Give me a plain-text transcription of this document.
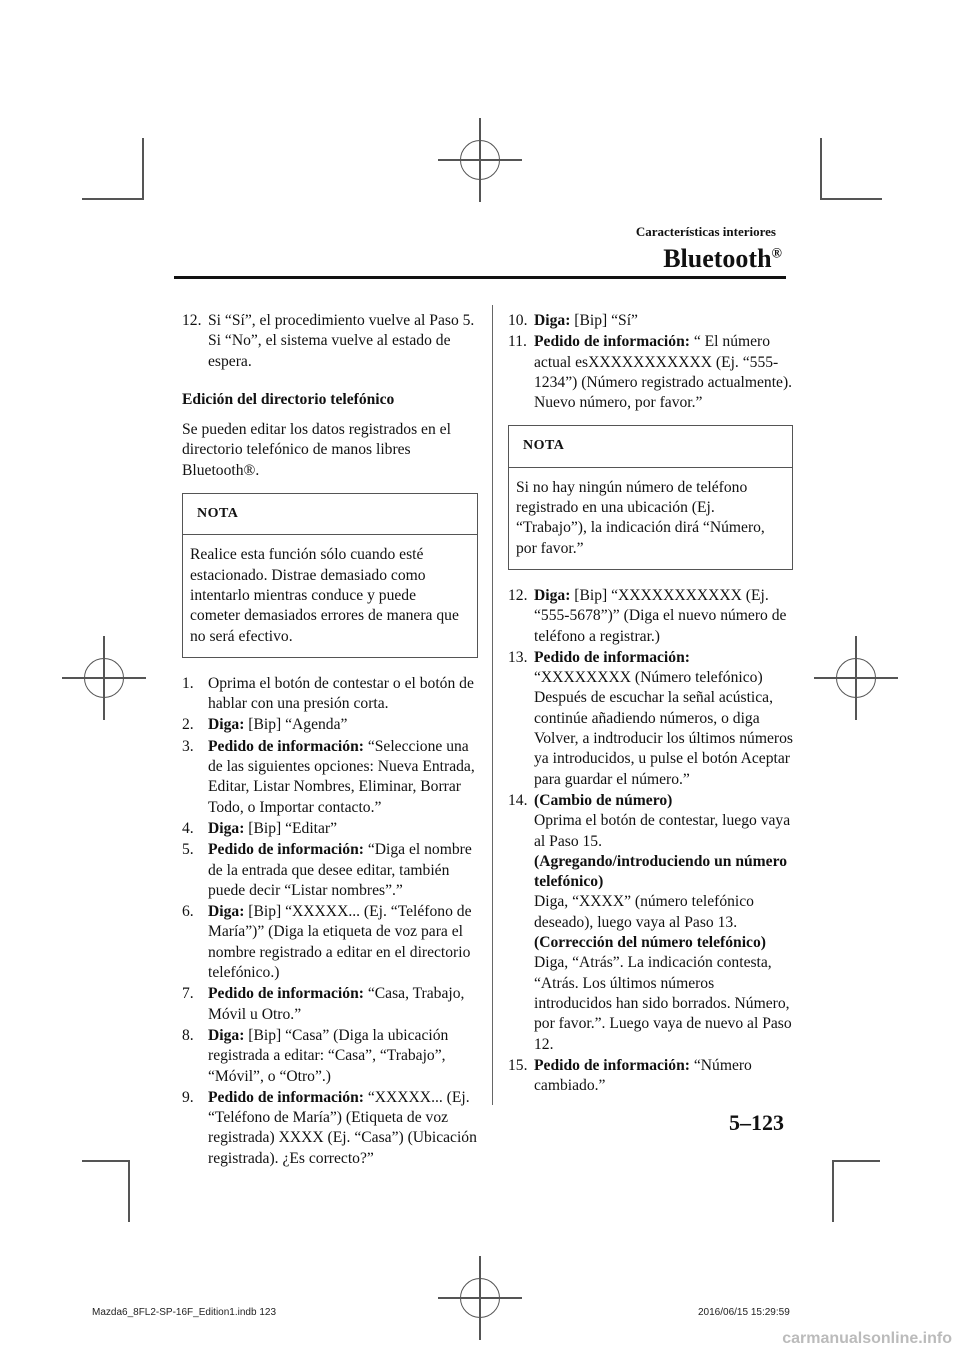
Características interiores
Bluetooth®
12. Si “Sí”, el procedimiento vuelve al Paso 5.
Si “No”, el sistema vuelve al estado de espera.
Edición del directorio telefónico

Se pueden editar los datos registrados en el directorio telefónico de manos libres Bluetooth®.

NOTA
Realice esta función sólo cuando esté estacionado. Distrae demasiado como intentarlo mientras conduce y puede cometer demasiados errores de manera que no será efectivo.
1. Oprima el botón de contestar o el botón de hablar con una presión corta.
2. Diga: [Bip] “Agenda”
3. Pedido de información: “Seleccione una de las siguientes opciones: Nueva Entrada, Editar, Listar Nombres, Eliminar, Borrar Todo, o Importar contacto.”
4. Diga: [Bip] “Editar”
5. Pedido de información: “Diga el nombre de la entrada que desee editar, también puede decir “Listar nombres”.”
6. Diga: [Bip] “XXXXX... (Ej. “Teléfono de María”)” (Diga la etiqueta de voz para el nombre registrado a editar en el directorio telefónico.)
7. Pedido de información: “Casa, Trabajo, Móvil u Otro.”
8. Diga: [Bip] “Casa” (Diga la ubicación registrada a editar: “Casa”, “Trabajo”, “Móvil”, o “Otro”.)
9. Pedido de información: “XXXXX... (Ej. “Teléfono de María”) (Etiqueta de voz registrada) XXXX (Ej. “Casa”) (Ubicación registrada). ¿Es correcto?”
10. Diga: [Bip] “Sí”
11. Pedido de información: “ El número actual esXXXXXXXXXXX (Ej. “555-1234”) (Número registrado actualmente). Nuevo número, por favor.”
NOTA
Si no hay ningún número de teléfono registrado en una ubicación (Ej. “Trabajo”), la indicación dirá “Número, por favor.”
12. Diga: [Bip] “XXXXXXXXXXX (Ej. “555-5678”)” (Diga el nuevo número de teléfono a registrar.)
13. Pedido de información:
“XXXXXXXX (Número telefónico) Después de escuchar la señal acústica, continúe añadiendo números, o diga Volver, a indtroducir los últimos números ya introducidos, u pulse el botón Aceptar para guardar el número.”
14. (Cambio de número)
Oprima el botón de contestar, luego vaya al Paso 15.
(Agregando/introduciendo un número telefónico)
Diga, “XXXX” (número telefónico deseado), luego vaya al Paso 13.
(Corrección del número telefónico)
Diga, “Atrás”. La indicación contesta, “Atrás. Los últimos números introducidos han sido borrados. Número, por favor.”. Luego vaya de nuevo al Paso 12.
15. Pedido de información: “Número cambiado.”
5–123
Mazda6_8FL2-SP-16F_Edition1.indb 123	2016/06/15 15:29:59
carmanualsonline.info
